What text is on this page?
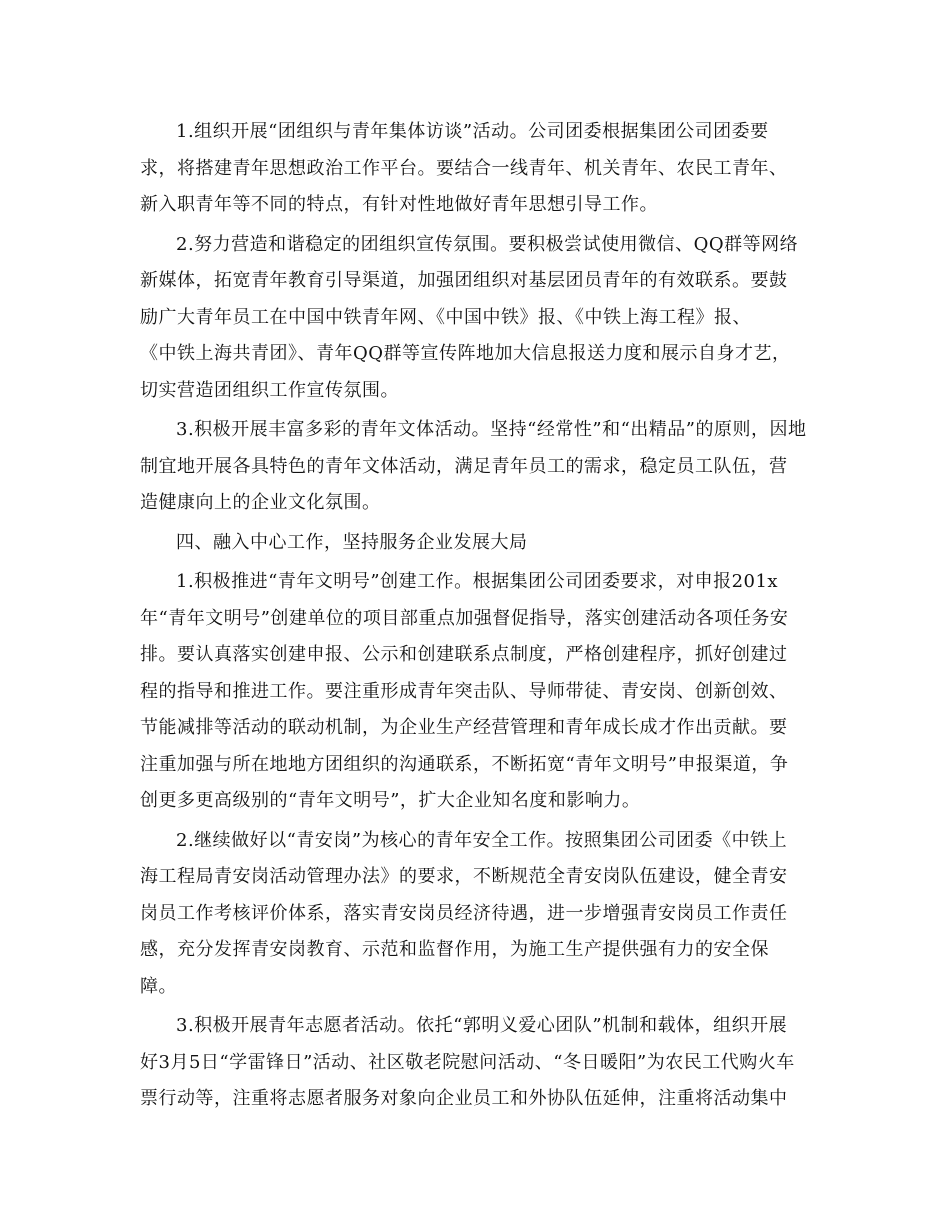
1.组织开展“团组织与青年集体访谈”活动。公司团委根据集团公司团委要
求，将搭建青年思想政治工作平台。要结合一线青年、机关青年、农民工青年、
新入职青年等不同的特点，有针对性地做好青年思想引导工作。
2.努力营造和谐稳定的团组织宣传氛围。要积极尝试使用微信、QQ群等网络
新媒体，拓宽青年教育引导渠道，加强团组织对基层团员青年的有效联系。要鼓
励广大青年员工在中国中铁青年网、《中国中铁》报、《中铁上海工程》报、
《中铁上海共青团》、青年QQ群等宣传阵地加大信息报送力度和展示自身才艺，
切实营造团组织工作宣传氛围。
3.积极开展丰富多彩的青年文体活动。坚持“经常性”和“出精品”的原则，因地
制宜地开展各具特色的青年文体活动，满足青年员工的需求，稳定员工队伍，营
造健康向上的企业文化氛围。
四、融入中心工作，坚持服务企业发展大局
1.积极推进“青年文明号”创建工作。根据集团公司团委要求，对申报201x
年“青年文明号”创建单位的项目部重点加强督促指导，落实创建活动各项任务安
排。要认真落实创建申报、公示和创建联系点制度，严格创建程序，抓好创建过
程的指导和推进工作。要注重形成青年突击队、导师带徒、青安岗、创新创效、
节能减排等活动的联动机制，为企业生产经营管理和青年成长成才作出贡献。要
注重加强与所在地地方团组织的沟通联系，不断拓宽“青年文明号”申报渠道，争
创更多更高级别的“青年文明号”，扩大企业知名度和影响力。
2.继续做好以“青安岗”为核心的青年安全工作。按照集团公司团委《中铁上
海工程局青安岗活动管理办法》的要求，不断规范全青安岗队伍建设，健全青安
岗员工作考核评价体系，落实青安岗员经济待遇，进一步增强青安岗员工作责任
感，充分发挥青安岗教育、示范和监督作用，为施工生产提供强有力的安全保
障。
3.积极开展青年志愿者活动。依托“郭明义爱心团队”机制和载体，组织开展
好3月5日“学雷锋日”活动、社区敬老院慰问活动、“冬日暖阳”为农民工代购火车
票行动等，注重将志愿者服务对象向企业员工和外协队伍延伸，注重将活动集中
